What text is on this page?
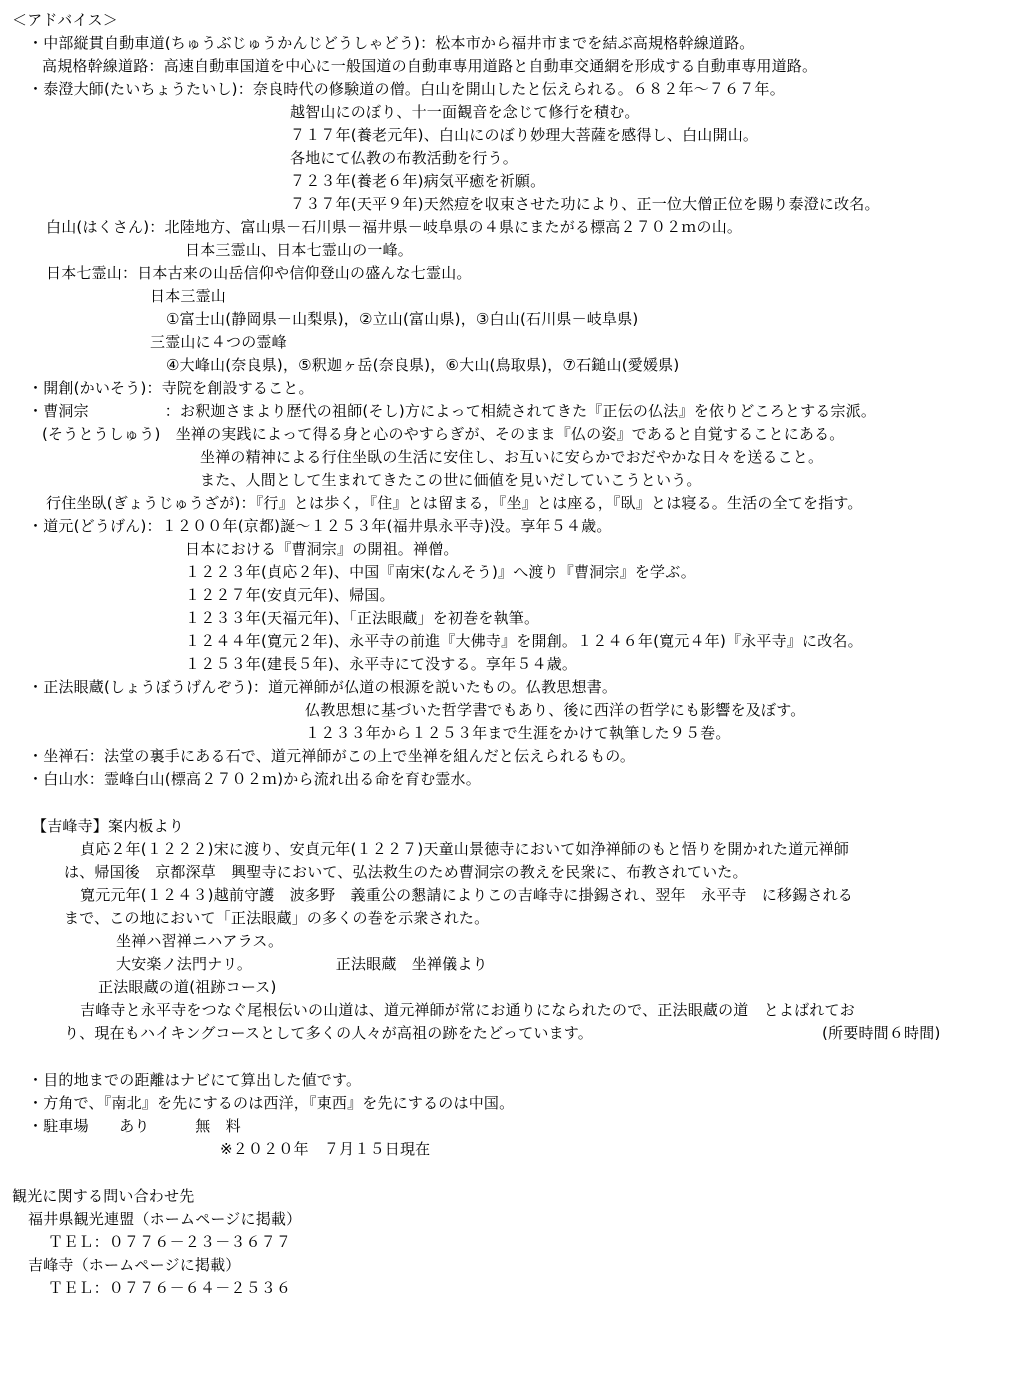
＜アドバイス＞
・中部縦貫自動車道(ちゅうぶじゅうかんじどうしゃどう)：松本市から福井市までを結ぶ高規格幹線道路。
高規格幹線道路：高速自動車国道を中心に一般国道の自動車専用道路と自動車交通網を形成する自動車専用道路。
・泰澄大師(たいちょうたいし)：奈良時代の修験道の僧。白山を開山したと伝えられる。６８２年〜７６７年。
越智山にのぼり、十一面観音を念じて修行を積む。
７１７年(養老元年)、白山にのぼり妙理大菩薩を感得し、白山開山。
各地にて仏教の布教活動を行う。
７２３年(養老６年)病気平癒を祈願。
７３７年(天平９年)天然痘を収束させた功により、正一位大僧正位を賜り泰澄に改名。
白山(はくさん)：北陸地方、富山県－石川県－福井県－岐阜県の４県にまたがる標高２７０２ｍの山。
日本三霊山、日本七霊山の一峰。
日本七霊山：日本古来の山岳信仰や信仰登山の盛んな七霊山。
日本三霊山
①富士山(静岡県－山梨県)，②立山(富山県)，③白山(石川県－岐阜県)
三霊山に４つの霊峰
④大峰山(奈良県)，⑤釈迦ヶ岳(奈良県)，⑥大山(鳥取県)，⑦石鎚山(愛媛県)
・開創(かいそう)：寺院を創設すること。
・曹洞宗　　　　　：お釈迦さまより歴代の祖師(そし)方によって相続されてきた『正伝の仏法』を依りどころとする宗派。
(そうとうしゅう)　坐禅の実践によって得る身と心のやすらぎが、そのまま『仏の姿』であると自覚することにある。
坐禅の精神による行住坐臥の生活に安住し、お互いに安らかでおだやかな日々を送ること。
また、人間として生まれてきたこの世に価値を見いだしていこうという。
行住坐臥(ぎょうじゅうざが)：『行』とは歩く，『住』とは留まる，『坐』とは座る，『臥』とは寝る。生活の全てを指す。
・道元(どうげん)：１２００年(京都)誕〜１２５３年(福井県永平寺)没。享年５４歳。
日本における『曹洞宗』の開祖。禅僧。
１２２３年(貞応２年)、中国『南宋(なんそう)』へ渡り『曹洞宗』を学ぶ。
１２２７年(安貞元年)、帰国。
１２３３年(天福元年)、「正法眼蔵」を初巻を執筆。
１２４４年(寛元２年)、永平寺の前進『大佛寺』を開創。１２４６年(寛元４年)『永平寺』に改名。
１２５３年(建長５年)、永平寺にて没する。享年５４歳。
・正法眼蔵(しょうぼうげんぞう)：道元禅師が仏道の根源を説いたもの。仏教思想書。
仏教思想に基づいた哲学書でもあり、後に西洋の哲学にも影響を及ぼす。
１２３３年から１２５３年まで生涯をかけて執筆した９５巻。
・坐禅石：法堂の裏手にある石で、道元禅師がこの上で坐禅を組んだと伝えられるもの。
・白山水：霊峰白山(標高２７０２ｍ)から流れ出る命を育む霊水。
【吉峰寺】案内板より
貞応２年(１２２２)宋に渡り、安貞元年(１２２７)天童山景徳寺において如浄禅師のもと悟りを開かれた道元禅師
は、帰国後　京都深草　興聖寺において、弘法救生のため曹洞宗の教えを民衆に、布教されていた。
寛元元年(１２４３)越前守護　波多野　義重公の懇請によりこの吉峰寺に掛錫され、翌年　永平寺　に移錫される
まで、この地において「正法眼蔵」の多くの巻を示衆された。
坐禅ハ習禅ニハアラス。
大安楽ノ法門ナリ。　　　　　　正法眼蔵　坐禅儀より
正法眼蔵の道(祖跡コース)
吉峰寺と永平寺をつなぐ尾根伝いの山道は、道元禅師が常にお通りになられたので、正法眼蔵の道　とよばれてお
り、現在もハイキングコースとして多くの人々が高祖の跡をたどっています。	(所要時間６時間)
・目的地までの距離はナビにて算出した値です。
・方角で、『南北』を先にするのは西洋，『東西』を先にするのは中国。
・駐車場　　あり　　　無　料
※２０２０年　７月１５日現在
観光に関する問い合わせ先
福井県観光連盟（ホームページに掲載）
ＴＥＬ：０７７６－２３－３６７７
吉峰寺（ホームページに掲載）
ＴＥＬ：０７７６－６４－２５３６
